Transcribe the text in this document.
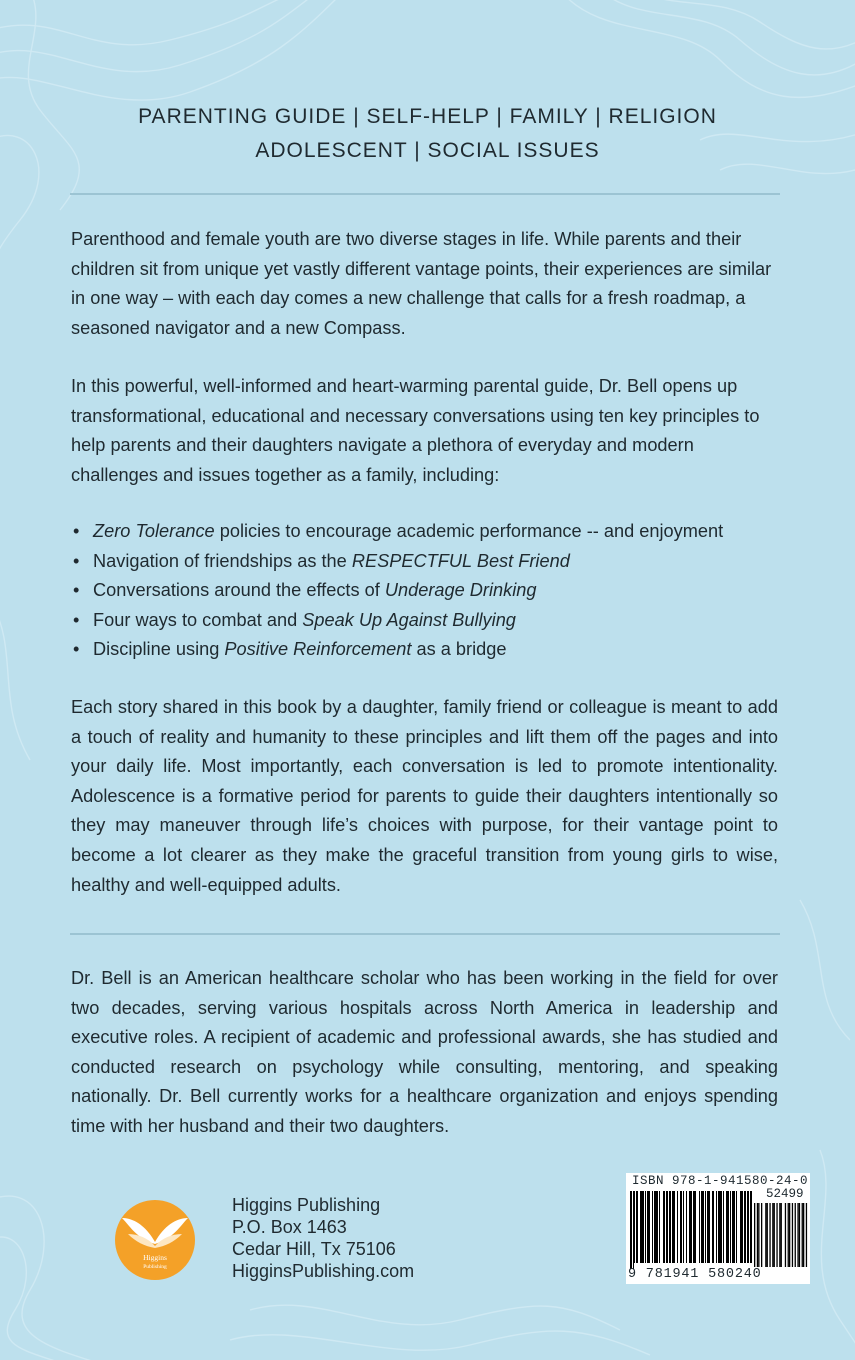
PARENTING GUIDE | SELF-HELP | FAMILY | RELIGION
ADOLESCENT | SOCIAL ISSUES

Parenthood and female youth are two diverse stages in life. While parents and their children sit from unique yet vastly different vantage points, their experiences are similar in one way – with each day comes a new challenge that calls for a fresh roadmap, a seasoned navigator and a new Compass.

In this powerful, well-informed and heart-warming parental guide, Dr. Bell opens up transformational, educational and necessary conversations using ten key principles to help parents and their daughters navigate a plethora of everyday and modern challenges and issues together as a family, including:

• Zero Tolerance policies to encourage academic performance -- and enjoyment
• Navigation of friendships as the RESPECTFUL Best Friend
• Conversations around the effects of Underage Drinking
• Four ways to combat and Speak Up Against Bullying
• Discipline using Positive Reinforcement as a bridge

Each story shared in this book by a daughter, family friend or colleague is meant to add a touch of reality and humanity to these principles and lift them off the pages and into your daily life. Most importantly, each conversation is led to promote intentionality. Adolescence is a formative period for parents to guide their daughters intentionally so they may maneuver through life’s choices with purpose, for their vantage point to become a lot clearer as they make the graceful transition from young girls to wise, healthy and well-equipped adults.

Dr. Bell is an American healthcare scholar who has been working in the field for over two decades, serving various hospitals across North America in leadership and executive roles. A recipient of academic and professional awards, she has studied and conducted research on psychology while consulting, mentoring, and speaking nationally. Dr. Bell currently works for a healthcare organization and enjoys spending time with her husband and their two daughters.

Higgins
Publishing
Higgins Publishing
P.O. Box 1463
Cedar Hill, Tx 75106
HigginsPublishing.com
ISBN 978-1-941580-24-0
52499
9 781941 580240
